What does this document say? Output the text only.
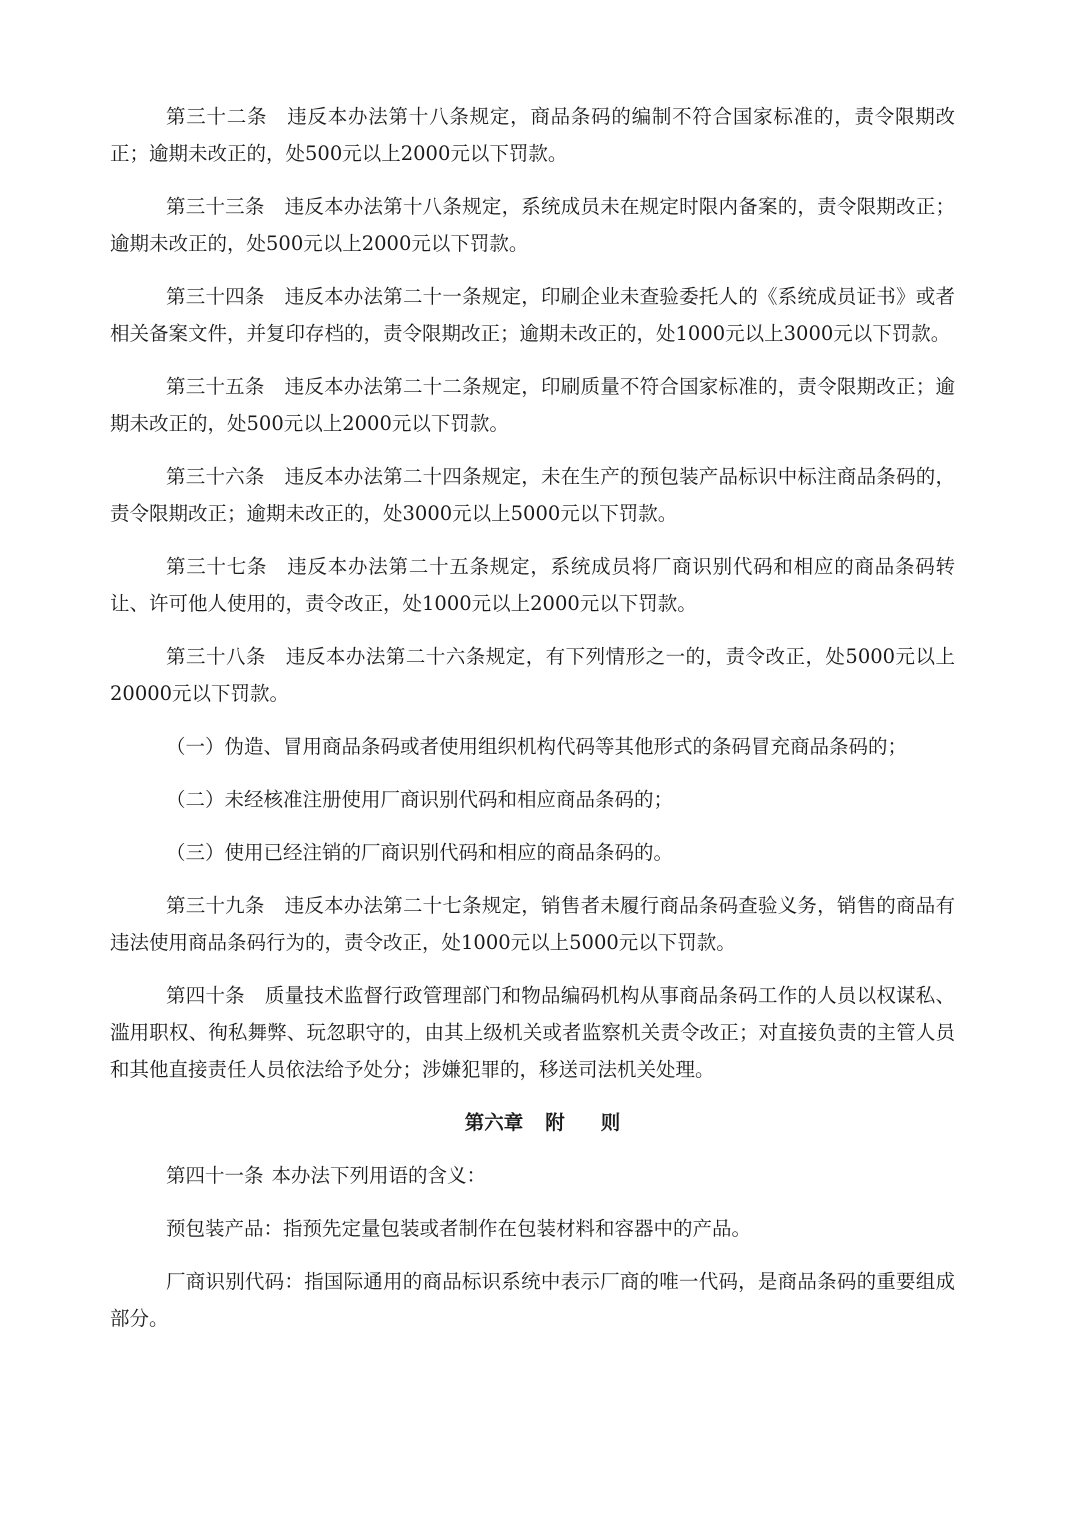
第三十二条 违反本办法第十八条规定，商品条码的编制不符合国家标准的，责令限期改正；逾期未改正的，处500元以上2000元以下罚款。

第三十三条 违反本办法第十八条规定，系统成员未在规定时限内备案的，责令限期改正；逾期未改正的，处500元以上2000元以下罚款。

第三十四条 违反本办法第二十一条规定，印刷企业未查验委托人的《系统成员证书》或者相关备案文件，并复印存档的，责令限期改正；逾期未改正的，处1000元以上3000元以下罚款。

第三十五条 违反本办法第二十二条规定，印刷质量不符合国家标准的，责令限期改正；逾期未改正的，处500元以上2000元以下罚款。

第三十六条 违反本办法第二十四条规定，未在生产的预包装产品标识中标注商品条码的，责令限期改正；逾期未改正的，处3000元以上5000元以下罚款。

第三十七条 违反本办法第二十五条规定，系统成员将厂商识别代码和相应的商品条码转让、许可他人使用的，责令改正，处1000元以上2000元以下罚款。

第三十八条 违反本办法第二十六条规定，有下列情形之一的，责令改正，处5000元以上20000元以下罚款。

（一）伪造、冒用商品条码或者使用组织机构代码等其他形式的条码冒充商品条码的；

（二）未经核准注册使用厂商识别代码和相应商品条码的；

（三）使用已经注销的厂商识别代码和相应的商品条码的。

第三十九条 违反本办法第二十七条规定，销售者未履行商品条码查验义务，销售的商品有违法使用商品条码行为的，责令改正，处1000元以上5000元以下罚款。

第四十条 质量技术监督行政管理部门和物品编码机构从事商品条码工作的人员以权谋私、滥用职权、徇私舞弊、玩忽职守的，由其上级机关或者监察机关责令改正；对直接负责的主管人员和其他直接责任人员依法给予处分；涉嫌犯罪的，移送司法机关处理。

第六章 附 则

第四十一条 本办法下列用语的含义：

预包装产品：指预先定量包装或者制作在包装材料和容器中的产品。

厂商识别代码：指国际通用的商品标识系统中表示厂商的唯一代码，是商品条码的重要组成部分。
